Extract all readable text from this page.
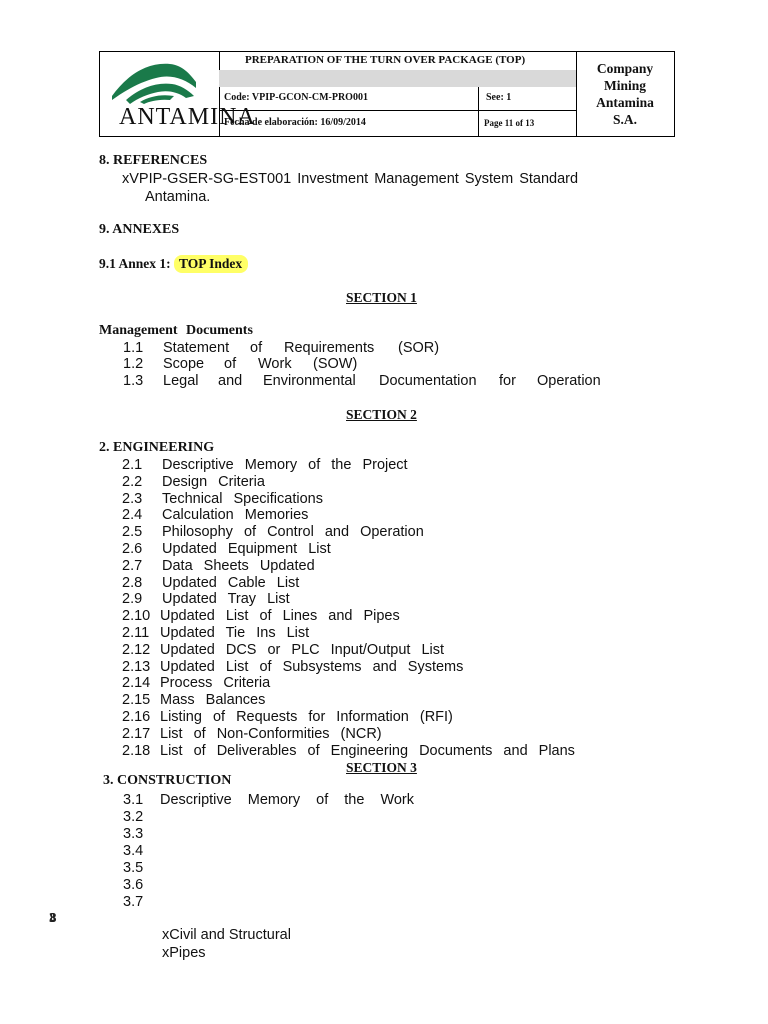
ANTAMINA
PREPARATION OF THE TURN OVER PACKAGE (TOP)
Code: VPIP-GCON-CM-PRO001	See: 1
Fecha de elaboración: 16/09/2014	Page 11 of 13
Company
Mining
Antamina
S.A.
8. REFERENCES
xVPIP-GSER-SG-EST001 Investment Management System Standard
Antamina.
9. ANNEXES
9.1 Annex 1: TOP Index
SECTION 1
Management Documents
1.1 Statement of Requirements (SOR)
1.2 Scope of Work (SOW)
1.3 Legal and Environmental Documentation for Operation
SECTION 2
2. ENGINEERING
2.1 Descriptive Memory of the Project
2.2 Design Criteria
2.3 Technical Specifications
2.4 Calculation Memories
2.5 Philosophy of Control and Operation
2.6 Updated Equipment List
2.7 Data Sheets Updated
2.8 Updated Cable List
2.9 Updated Tray List
2.10 Updated List of Lines and Pipes
2.11 Updated Tie Ins List
2.12 Updated DCS or PLC Input/Output List
2.13 Updated List of Subsystems and Systems
2.14 Process Criteria
2.15 Mass Balances
2.16 Listing of Requests for Information (RFI)
2.17 List of Non-Conformities (NCR)
2.18 List of Deliverables of Engineering Documents and Plans
SECTION 3
3. CONSTRUCTION
3.1 Descriptive Memory of the Work
3.2
3.3
3.4
3.5
3.6
3.7
3.8
xCivil and Structural
xPipes
